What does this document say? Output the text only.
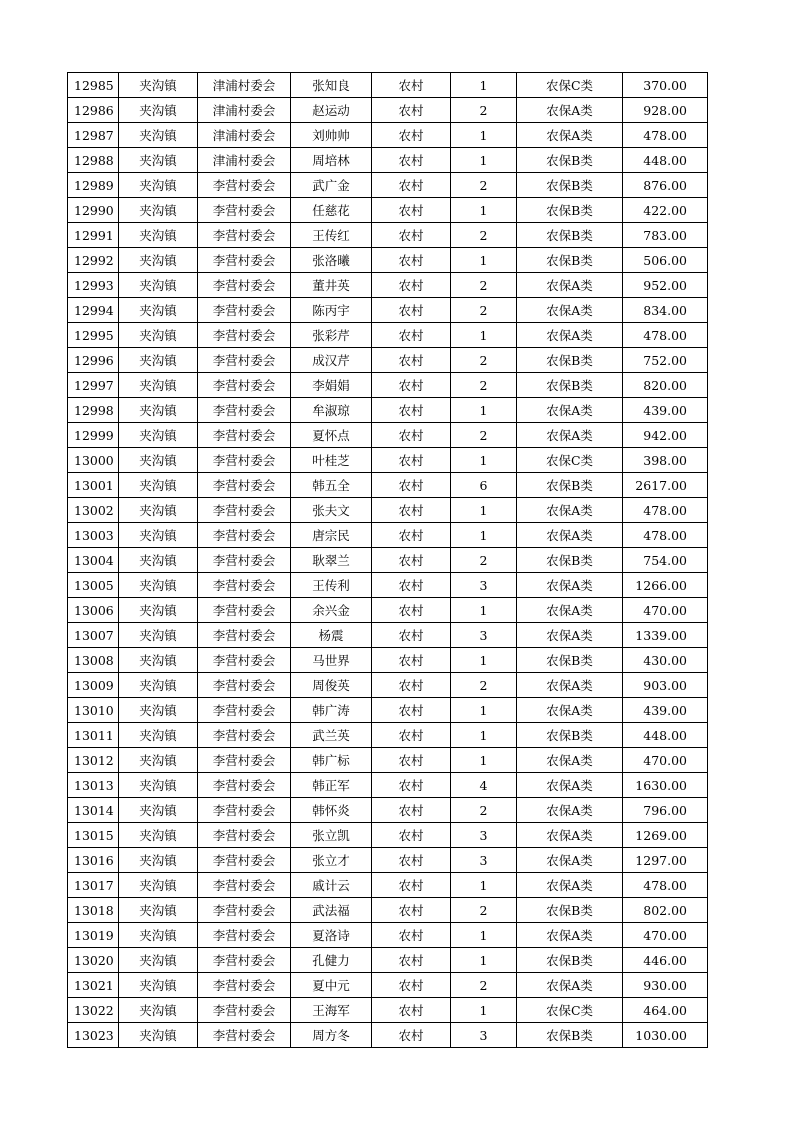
12985	夹沟镇	津浦村委会	张知良	农村	1	农保C类	370.00
12986	夹沟镇	津浦村委会	赵运动	农村	2	农保A类	928.00
12987	夹沟镇	津浦村委会	刘帅帅	农村	1	农保A类	478.00
12988	夹沟镇	津浦村委会	周培林	农村	1	农保B类	448.00
12989	夹沟镇	李营村委会	武广金	农村	2	农保B类	876.00
12990	夹沟镇	李营村委会	任慈花	农村	1	农保B类	422.00
12991	夹沟镇	李营村委会	王传红	农村	2	农保B类	783.00
12992	夹沟镇	李营村委会	张洛曦	农村	1	农保B类	506.00
12993	夹沟镇	李营村委会	董井英	农村	2	农保A类	952.00
12994	夹沟镇	李营村委会	陈丙宇	农村	2	农保A类	834.00
12995	夹沟镇	李营村委会	张彩芹	农村	1	农保A类	478.00
12996	夹沟镇	李营村委会	成汉芹	农村	2	农保B类	752.00
12997	夹沟镇	李营村委会	李娟娟	农村	2	农保B类	820.00
12998	夹沟镇	李营村委会	牟淑琼	农村	1	农保A类	439.00
12999	夹沟镇	李营村委会	夏怀点	农村	2	农保A类	942.00
13000	夹沟镇	李营村委会	叶桂芝	农村	1	农保C类	398.00
13001	夹沟镇	李营村委会	韩五全	农村	6	农保B类	2617.00
13002	夹沟镇	李营村委会	张夫文	农村	1	农保A类	478.00
13003	夹沟镇	李营村委会	唐宗民	农村	1	农保A类	478.00
13004	夹沟镇	李营村委会	耿翠兰	农村	2	农保B类	754.00
13005	夹沟镇	李营村委会	王传利	农村	3	农保A类	1266.00
13006	夹沟镇	李营村委会	余兴金	农村	1	农保A类	470.00
13007	夹沟镇	李营村委会	杨震	农村	3	农保A类	1339.00
13008	夹沟镇	李营村委会	马世界	农村	1	农保B类	430.00
13009	夹沟镇	李营村委会	周俊英	农村	2	农保A类	903.00
13010	夹沟镇	李营村委会	韩广涛	农村	1	农保A类	439.00
13011	夹沟镇	李营村委会	武兰英	农村	1	农保B类	448.00
13012	夹沟镇	李营村委会	韩广标	农村	1	农保A类	470.00
13013	夹沟镇	李营村委会	韩正军	农村	4	农保A类	1630.00
13014	夹沟镇	李营村委会	韩怀炎	农村	2	农保A类	796.00
13015	夹沟镇	李营村委会	张立凯	农村	3	农保A类	1269.00
13016	夹沟镇	李营村委会	张立才	农村	3	农保A类	1297.00
13017	夹沟镇	李营村委会	戚计云	农村	1	农保A类	478.00
13018	夹沟镇	李营村委会	武法福	农村	2	农保B类	802.00
13019	夹沟镇	李营村委会	夏洛诗	农村	1	农保A类	470.00
13020	夹沟镇	李营村委会	孔健力	农村	1	农保B类	446.00
13021	夹沟镇	李营村委会	夏中元	农村	2	农保A类	930.00
13022	夹沟镇	李营村委会	王海军	农村	1	农保C类	464.00
13023	夹沟镇	李营村委会	周方冬	农村	3	农保B类	1030.00
